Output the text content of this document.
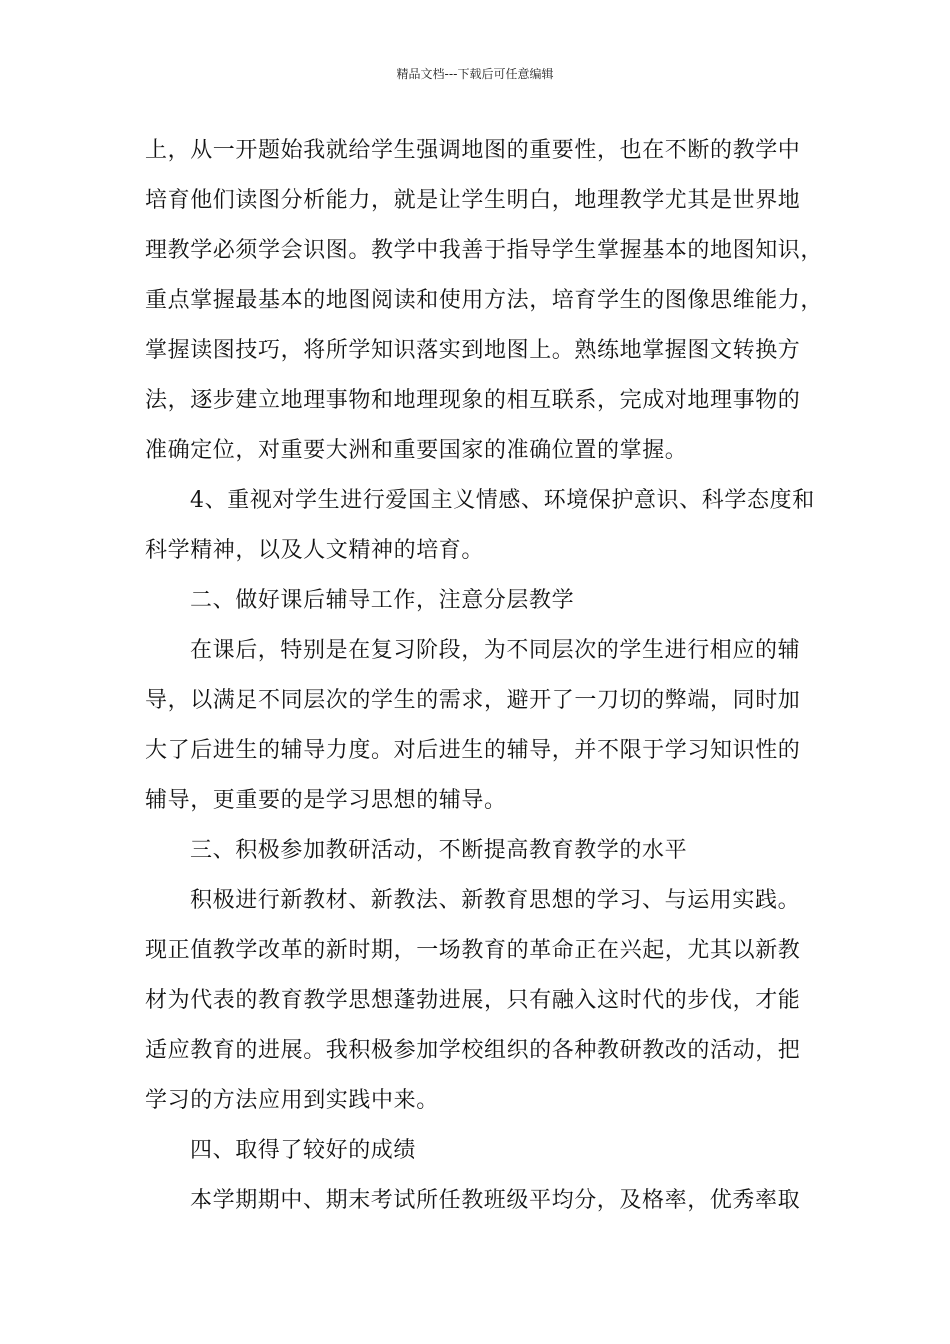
精品文档---下载后可任意编辑
上，从一开题始我就给学生强调地图的重要性，也在不断的教学中
培育他们读图分析能力，就是让学生明白，地理教学尤其是世界地
理教学必须学会识图。教学中我善于指导学生掌握基本的地图知识，
重点掌握最基本的地图阅读和使用方法，培育学生的图像思维能力，
掌握读图技巧，将所学知识落实到地图上。熟练地掌握图文转换方
法，逐步建立地理事物和地理现象的相互联系，完成对地理事物的
准确定位，对重要大洲和重要国家的准确位置的掌握。
4、重视对学生进行爱国主义情感、环境保护意识、科学态度和
科学精神，以及人文精神的培育。
二、做好课后辅导工作，注意分层教学
在课后，特别是在复习阶段，为不同层次的学生进行相应的辅
导，以满足不同层次的学生的需求，避开了一刀切的弊端，同时加
大了后进生的辅导力度。对后进生的辅导，并不限于学习知识性的
辅导，更重要的是学习思想的辅导。
三、积极参加教研活动，不断提高教育教学的水平
积极进行新教材、新教法、新教育思想的学习、与运用实践。
现正值教学改革的新时期，一场教育的革命正在兴起，尤其以新教
材为代表的教育教学思想蓬勃进展，只有融入这时代的步伐，才能
适应教育的进展。我积极参加学校组织的各种教研教改的活动，把
学习的方法应用到实践中来。
四、取得了较好的成绩
本学期期中、期末考试所任教班级平均分，及格率，优秀率取
